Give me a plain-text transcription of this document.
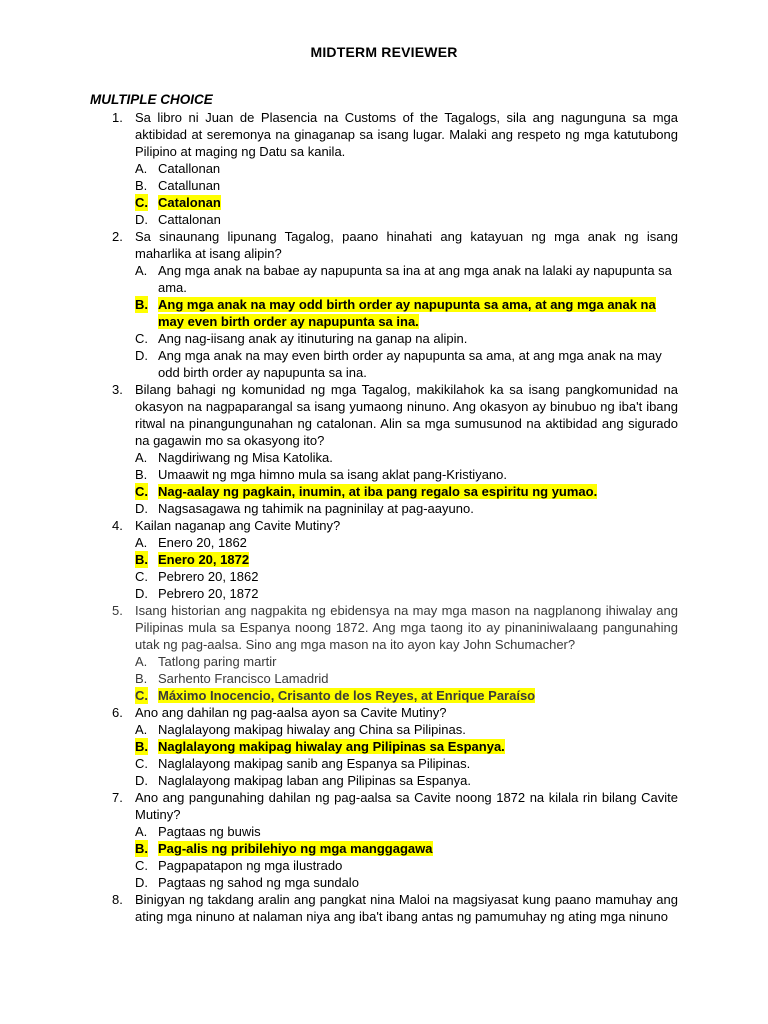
MIDTERM REVIEWER
MULTIPLE CHOICE
1. Sa libro ni Juan de Plasencia na Customs of the Tagalogs, sila ang nagunguna sa mga aktibidad at seremonya na ginaganap sa isang lugar. Malaki ang respeto ng mga katutubong Pilipino at maging ng Datu sa kanila.
A. Catallonan
B. Catallunan
C. Catalonan
D. Cattalonan
2. Sa sinaunang lipunang Tagalog, paano hinahati ang katayuan ng mga anak ng isang maharlika at isang alipin?
A. Ang mga anak na babae ay napupunta sa ina at ang mga anak na lalaki ay napupunta sa ama.
B. Ang mga anak na may odd birth order ay napupunta sa ama, at ang mga anak na may even birth order ay napupunta sa ina.
C. Ang nag-iisang anak ay itinuturing na ganap na alipin.
D. Ang mga anak na may even birth order ay napupunta sa ama, at ang mga anak na may odd birth order ay napupunta sa ina.
3. Bilang bahagi ng komunidad ng mga Tagalog, makikilahok ka sa isang pangkomunidad na okasyon na nagpaparangal sa isang yumaong ninuno. Ang okasyon ay binubuo ng iba't ibang ritwal na pinangungunahan ng catalonan. Alin sa mga sumusunod na aktibidad ang sigurado na gagawin mo sa okasyong ito?
A. Nagdiriwang ng Misa Katolika.
B. Umaawit ng mga himno mula sa isang aklat pang-Kristiyano.
C. Nag-aalay ng pagkain, inumin, at iba pang regalo sa espiritu ng yumao.
D. Nagsasagawa ng tahimik na pagninilay at pag-aayuno.
4. Kailan naganap ang Cavite Mutiny?
A. Enero 20, 1862
B. Enero 20, 1872
C. Pebrero 20, 1862
D. Pebrero 20, 1872
5. Isang historian ang nagpakita ng ebidensya na may mga mason na nagplanong ihiwalay ang Pilipinas mula sa Espanya noong 1872. Ang mga taong ito ay pinaniniwalaang pangunahing utak ng pag-aalsa. Sino ang mga mason na ito ayon kay John Schumacher?
A. Tatlong paring martir
B. Sarhento Francisco Lamadrid
C. Máximo Inocencio, Crisanto de los Reyes, at Enrique Paraíso
6. Ano ang dahilan ng pag-aalsa ayon sa Cavite Mutiny?
A. Naglalayong makipag hiwalay ang China sa Pilipinas.
B. Naglalayong makipag hiwalay ang Pilipinas sa Espanya.
C. Naglalayong makipag sanib ang Espanya sa Pilipinas.
D. Naglalayong makipag laban ang Pilipinas sa Espanya.
7. Ano ang pangunahing dahilan ng pag-aalsa sa Cavite noong 1872 na kilala rin bilang Cavite Mutiny?
A. Pagtaas ng buwis
B. Pag-alis ng pribilehiyo ng mga manggagawa
C. Pagpapatapon ng mga ilustrado
D. Pagtaas ng sahod ng mga sundalo
8. Binigyan ng takdang aralin ang pangkat nina Maloi na magsiyasat kung paano mamuhay ang ating mga ninuno at nalaman niya ang iba't ibang antas ng pamumuhay ng ating mga ninuno
